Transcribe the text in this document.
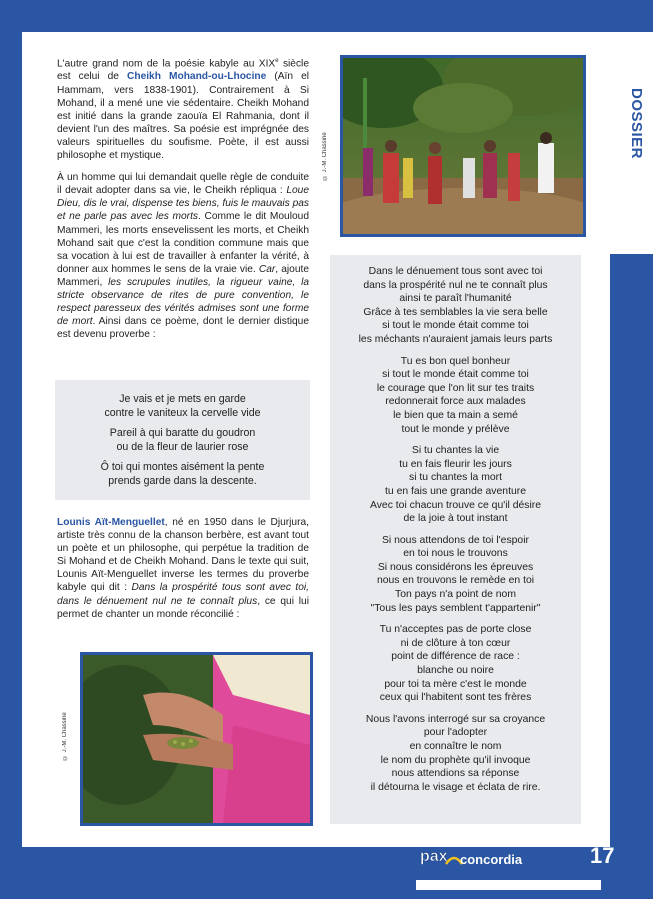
DOSSIER

L'autre grand nom de la poésie kabyle au XIXe siècle est celui de Cheikh Mohand-ou-Lhocine (Aïn el Hammam, vers 1838-1901). Contrairement à Si Mohand, il a mené une vie sédentaire. Cheikh Mohand est initié dans la grande zaouïa El Rahmania, dont il devient l'un des maîtres. Sa poésie est imprégnée des valeurs spirituelles du soufisme. Poète, il est aussi philosophe et mystique.

À un homme qui lui demandait quelle règle de conduite il devait adopter dans sa vie, le Cheikh répliqua : Loue Dieu, dis le vrai, dispense tes biens, fuis le mauvais pas et ne parle pas avec les morts. Comme le dit Mouloud Mammeri, les morts ensevelissent les morts, et Cheikh Mohand sait que c'est la condition commune mais que sa vocation à lui est de travailler à enfanter la vérité, à donner aux hommes le sens de la vraie vie. Car, ajoute Mammeri, les scrupules inutiles, la rigueur vaine, la stricte observance de rites de pure convention, le respect paresseux des vérités admises sont une forme de mort. Ainsi dans ce poème, dont le dernier distique est devenu proverbe :

Je vais et je mets en garde
contre le vaniteux la cervelle vide
Pareil à qui baratte du goudron
ou de la fleur de laurier rose
Ô toi qui montes aisément la pente
prends garde dans la descente.

Lounis Aït-Menguellet, né en 1950 dans le Djurjura, artiste très connu de la chanson berbère, est avant tout un poète et un philosophe, qui perpétue la tradition de Si Mohand et de Cheikh Mohand. Dans le texte qui suit, Lounis Aït-Menguellet inverse les termes du proverbe kabyle qui dit : Dans la prospérité tous sont avec toi, dans le dénuement nul ne te connaît plus, ce qui lui permet de chanter un monde réconcilié :

© J.-M. Chassine
© J.-M. Chassine
Dans le dénuement tous sont avec toi
dans la prospérité nul ne te connaît plus
ainsi te paraît l'humanité
Grâce à tes semblables la vie sera belle
si tout le monde était comme toi
les méchants n'auraient jamais leurs parts
Tu es bon quel bonheur
si tout le monde était comme toi
le courage que l'on lit sur tes traits
redonnerait force aux malades
le bien que ta main a semé
tout le monde y prélève
Si tu chantes la vie
tu en fais fleurir les jours
si tu chantes la mort
tu en fais une grande aventure
Avec toi chacun trouve ce qu'il désire
de la joie à tout instant
Si nous attendons de toi l'espoir
en toi nous le trouvons
Si nous considérons les épreuves
nous en trouvons le remède en toi
Ton pays n'a point de nom
"Tous les pays semblent t'appartenir"
Tu n'acceptes pas de porte close
ni de clôture à ton cœur
point de différence de race :
blanche ou noire
pour toi ta mère c'est le monde
ceux qui l'habitent sont tes frères
Nous l'avons interrogé sur sa croyance
pour l'adopter
en connaître le nom
le nom du prophète qu'il invoque
nous attendions sa réponse
il détourna le visage et éclata de rire.
pax concordia	17
